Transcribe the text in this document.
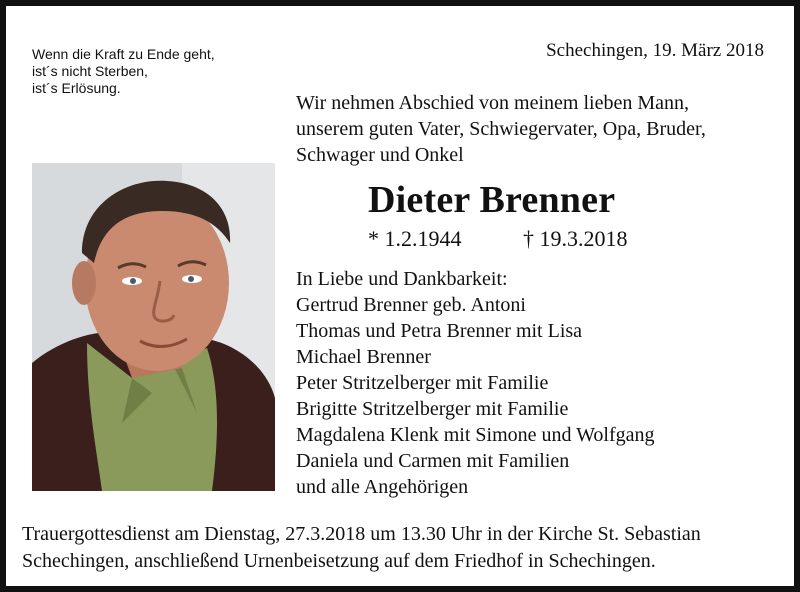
Wenn die Kraft zu Ende geht,
ist´s nicht Sterben,
ist´s Erlösung.
Schechingen, 19. März 2018
Wir nehmen Abschied von meinem lieben Mann,
unserem guten Vater, Schwiegervater, Opa, Bruder,
Schwager und Onkel
Dieter Brenner
* 1.2.1944	† 19.3.2018
In Liebe und Dankbarkeit:
Gertrud Brenner geb. Antoni
Thomas und Petra Brenner mit Lisa
Michael Brenner
Peter Stritzelberger mit Familie
Brigitte Stritzelberger mit Familie
Magdalena Klenk mit Simone und Wolfgang
Daniela und Carmen mit Familien
und alle Angehörigen
Trauergottesdienst am Dienstag, 27.3.2018 um 13.30 Uhr in der Kirche St. Sebastian
Schechingen, anschließend Urnenbeisetzung auf dem Friedhof in Schechingen.
